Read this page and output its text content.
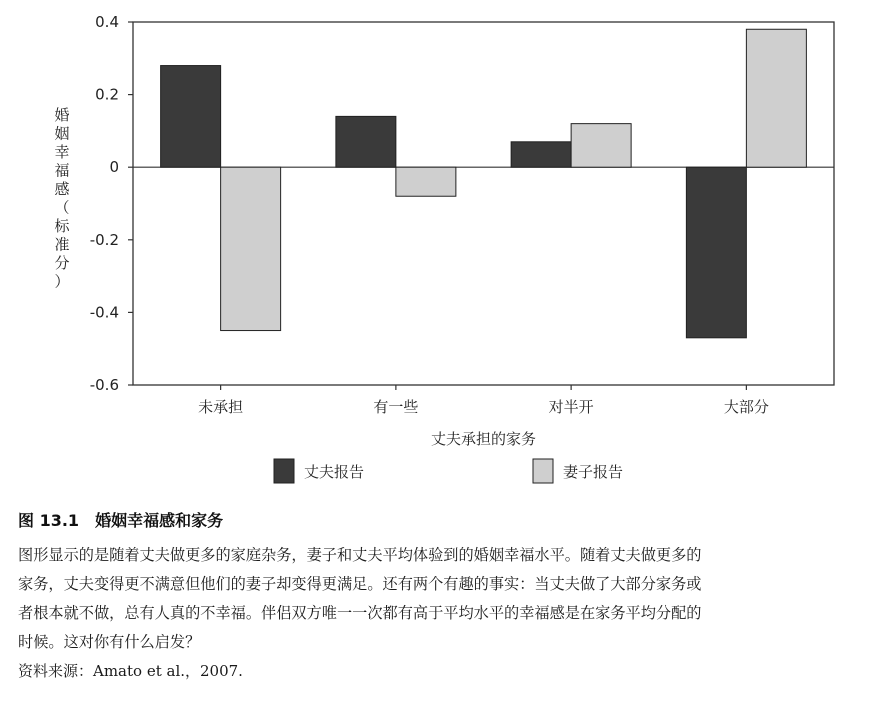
0.4
0.2
0
-0.2
-0.4
-0.6
未承担	有一些	对半开	大部分
丈夫承担的家务
婚姻幸福感（标准分）
丈夫报告	妻子报告
图 13.1 婚姻幸福感和家务

图形显示的是随着丈夫做更多的家庭杂务，妻子和丈夫平均体验到的婚姻幸福水平。随着丈夫做更多的
家务，丈夫变得更不满意但他们的妻子却变得更满足。还有两个有趣的事实：当丈夫做了大部分家务或
者根本就不做，总有人真的不幸福。伴侣双方唯一一次都有高于平均水平的幸福感是在家务平均分配的
时候。这对你有什么启发？

资料来源：Amato et al.，2007.
